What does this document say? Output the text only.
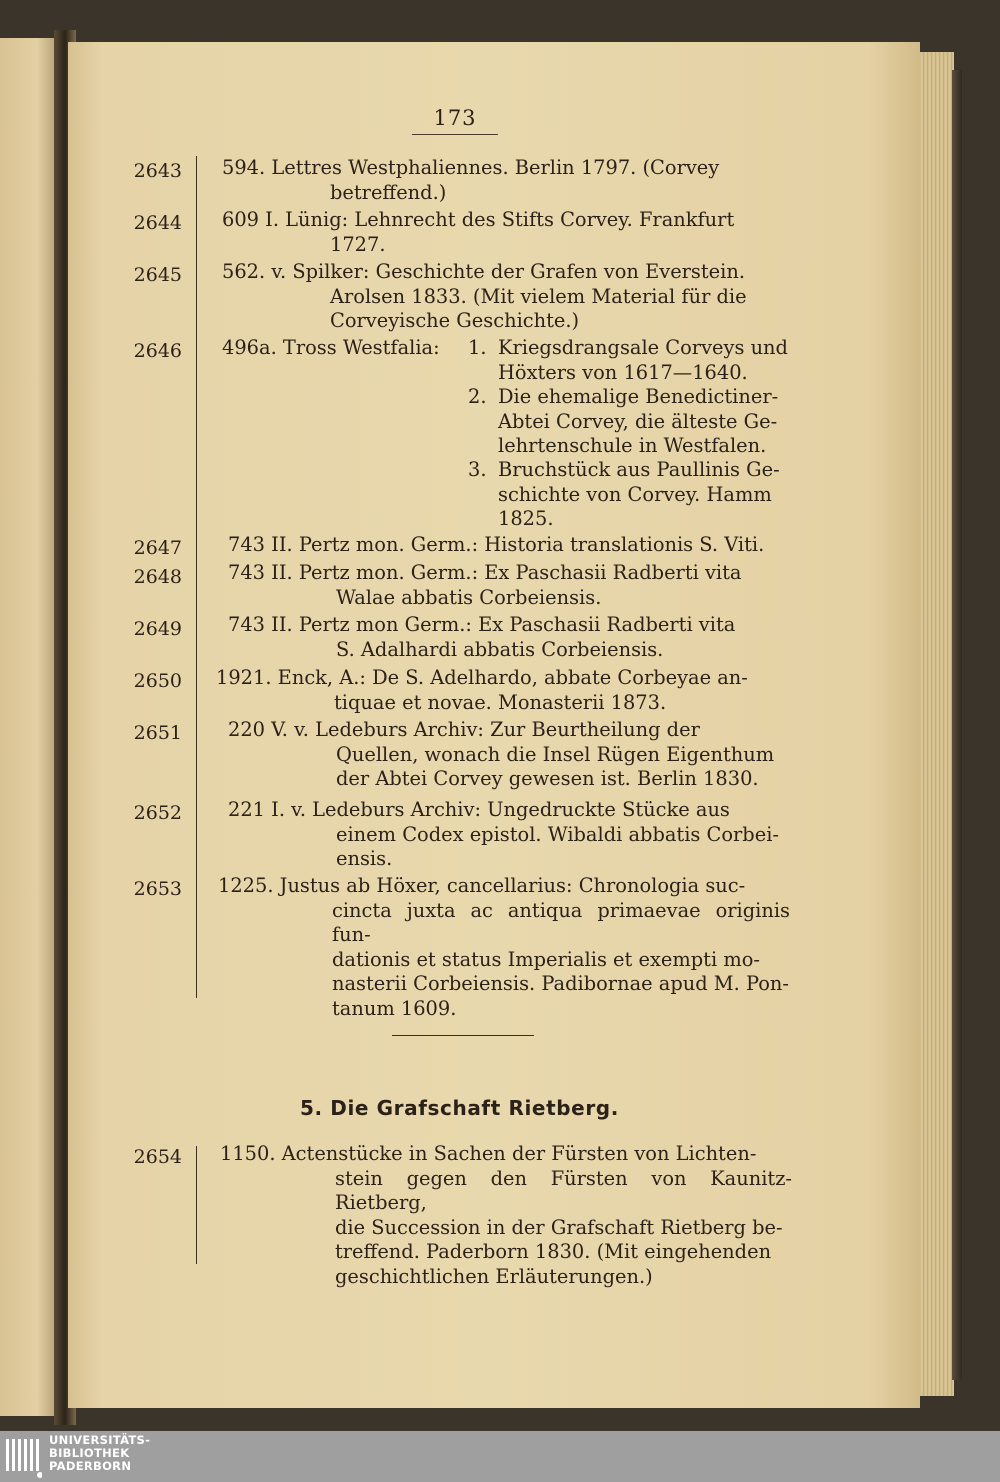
173
2643 594. Lettres Westphaliennes. Berlin 1797. (Corvey
betreffend.)
2644 609 I. Lünig: Lehnrecht des Stifts Corvey. Frankfurt
1727.
2645 562. v. Spilker: Geschichte der Grafen von Everstein.
Arolsen 1833. (Mit vielem Material für die
Corveyische Geschichte.)
2646 496a. Tross Westfalia:	1. Kriegsdrangsale Corveys und
Höxters von 1617—1640.
2. Die ehemalige Benedictiner-
Abtei Corvey, die älteste Ge-
lehrtenschule in Westfalen.
3. Bruchstück aus Paullinis Ge-
schichte von Corvey. Hamm
1825.
2647 743 II. Pertz mon. Germ.: Historia translationis S. Viti.
2648 743 II. Pertz mon. Germ.: Ex Paschasii Radberti vita
Walae abbatis Corbeiensis.
2649 743 II. Pertz mon Germ.: Ex Paschasii Radberti vita
S. Adalhardi abbatis Corbeiensis.
2650 1921. Enck, A.: De S. Adelhardo, abbate Corbeyae an-
tiquae et novae. Monasterii 1873.
2651 220 V. v. Ledeburs Archiv: Zur Beurtheilung der
Quellen, wonach die Insel Rügen Eigenthum
der Abtei Corvey gewesen ist. Berlin 1830.
2652 221 I. v. Ledeburs Archiv: Ungedruckte Stücke aus
einem Codex epistol. Wibaldi abbatis Corbei-
ensis.
2653 1225. Justus ab Höxer, cancellarius: Chronologia suc-
cincta juxta ac antiqua primaevae originis fun-
dationis et status Imperialis et exempti mo-
nasterii Corbeiensis. Padibornae apud M. Pon-
tanum 1609.
5. Die Grafschaft Rietberg.
2654 1150. Actenstücke in Sachen der Fürsten von Lichten-
stein gegen den Fürsten von Kaunitz-Rietberg,
die Succession in der Grafschaft Rietberg be-
treffend. Paderborn 1830. (Mit eingehenden
geschichtlichen Erläuterungen.)
UNIVERSITÄTS-
BIBLIOTHEK
PADERBORN
